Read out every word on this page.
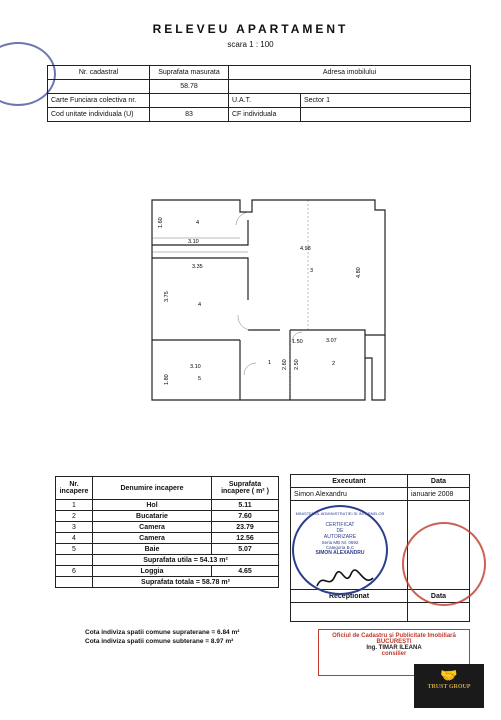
RELEVEU APARTAMENT
scara 1 : 100
Nr. cadastral	Suprafata masurata	Adresa imobilului	
	58.78		
Carte Funciara colectiva nr.		U.A.T.	Sector 1
Cod unitate individuala (U)	83	CF individuala	
1.60
3.10
4.98
3.35
4.80
3.75
1.50	3.07
2.60 2.50
1.80
3.10
4
3
4
1	2
5
Nr. incapere	Denumire incapere	Suprafata incapere ( m² )
1	Hol	5.11
2	Bucatarie	7.60
3	Camera	23.79
4	Camera	12.56
5	Baie	5.07
	Suprafata utila = 54.13 m²	
6	Loggia	4.65
	Suprafata totala = 58.78 m²	
Executant	Data
Simon Alexandru	ianuarie 2008

Receptionat	Data

MINISTERUL ADMINISTRAȚIEI ȘI INTERNELOR
CERTIFICAT
DE
AUTORIZARE
Seria MB Nr. 0692
Categoria B,C
SIMON ALEXANDRU
Cota indiviza spatii comune supraterane = 6.84 m²
Cota indiviza spatii comune subterane = 8.97 m²
Oficiul de Cadastru și Publicitate Imobiliară
BUCUREȘTI
Ing. TIMAR ILEANA
consilier
🤝
TRUST GROUP
